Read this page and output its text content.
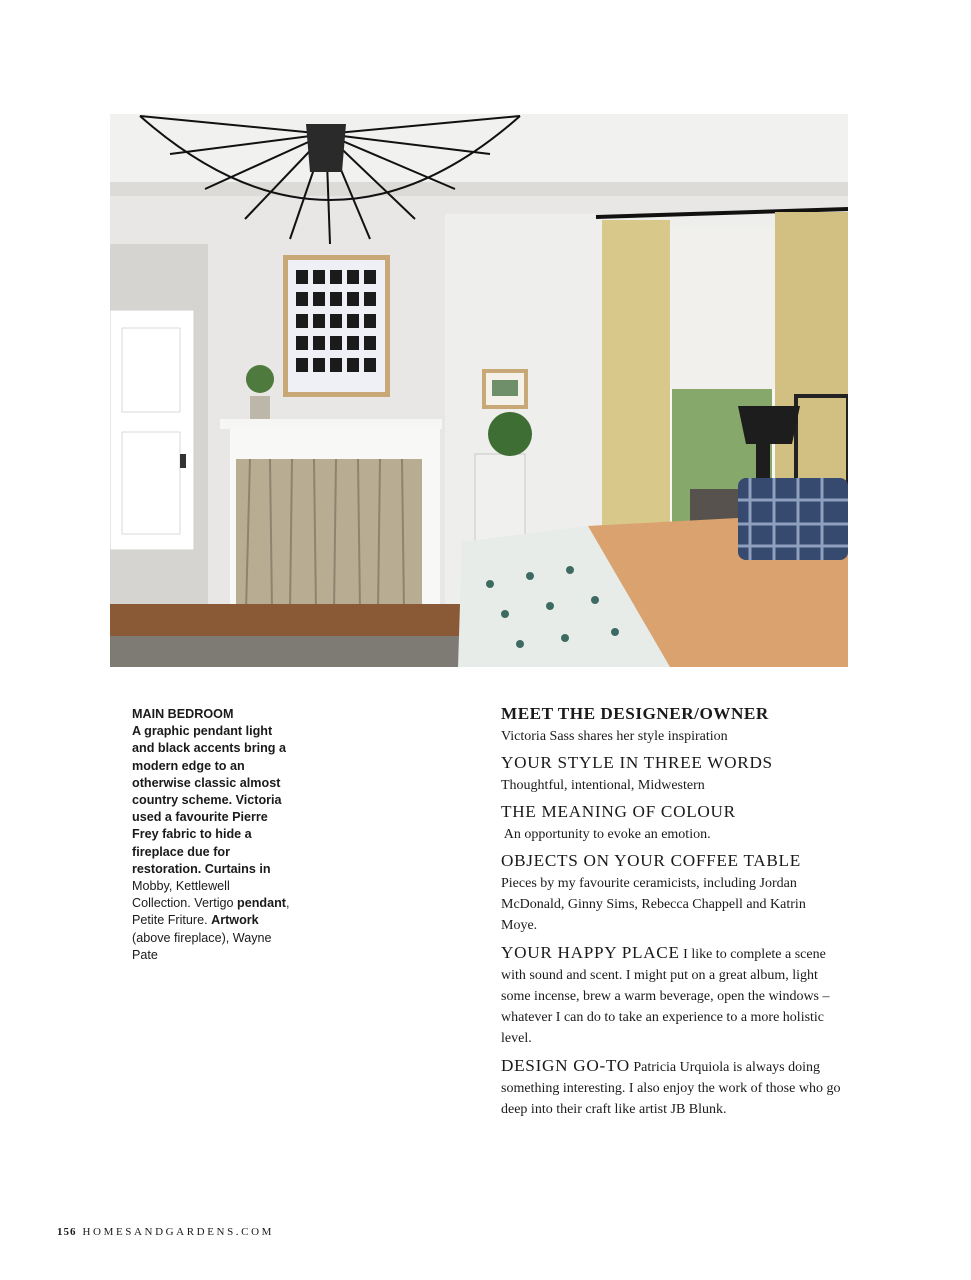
MAIN BEDROOM
A graphic pendant light and black accents bring a modern edge to an otherwise classic almost country scheme. Victoria used a favourite Pierre Frey fabric to hide a fireplace due for restoration. Curtains in Mobby, Kettlewell Collection. Vertigo pendant, Petite Friture. Artwork (above fireplace), Wayne Pate
MEET THE DESIGNER/OWNER
Victoria Sass shares her style inspiration
YOUR STYLE IN THREE WORDS
Thoughtful, intentional, Midwestern
THE MEANING OF COLOUR
An opportunity to evoke an emotion.
OBJECTS ON YOUR COFFEE TABLE
Pieces by my favourite ceramicists, including Jordan McDonald, Ginny Sims, Rebecca Chappell and Katrin Moye.
YOUR HAPPY PLACE I like to complete a scene with sound and scent. I might put on a great album, light some incense, brew a warm beverage, open the windows – whatever I can do to take an experience to a more holistic level.
DESIGN GO-TO Patricia Urquiola is always doing something interesting. I also enjoy the work of those who go deep into their craft like artist JB Blunk.
156 HOMESANDGARDENS.COM
